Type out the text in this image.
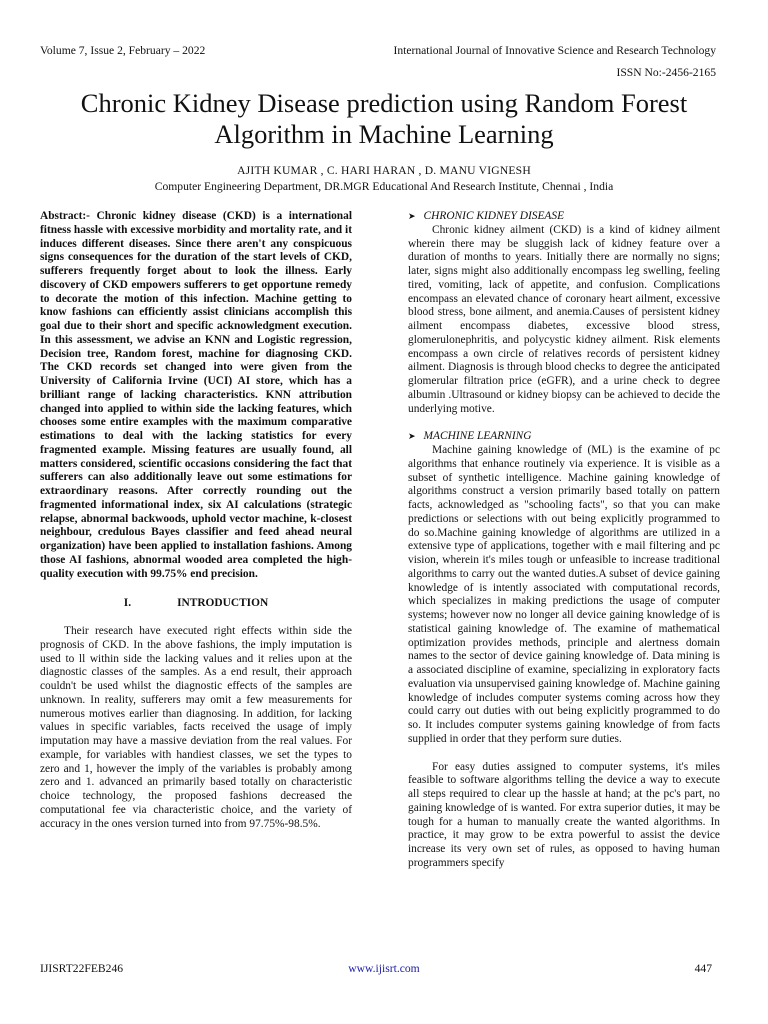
Volume 7, Issue 2, February – 2022	International Journal of Innovative Science and Research Technology
ISSN No:-2456-2165
Chronic Kidney Disease prediction using Random Forest Algorithm in Machine Learning
AJITH KUMAR , C. HARI HARAN , D. MANU VIGNESH
Computer Engineering Department, DR.MGR Educational And Research Institute, Chennai , India

Abstract:- Chronic kidney disease (CKD) is a international fitness hassle with excessive morbidity and mortality rate, and it induces different diseases. Since there aren't any conspicuous signs consequences for the duration of the start levels of CKD, sufferers frequently forget about to look the illness. Early discovery of CKD empowers sufferers to get opportune remedy to decorate the motion of this infection. Machine getting to know fashions can efficiently assist clinicians accomplish this goal due to their short and specific acknowledgment execution. In this assessment, we advise an KNN and Logistic regression, Decision tree, Random forest, machine for diagnosing CKD. The CKD records set changed into were given from the University of California Irvine (UCI) AI store, which has a brilliant range of lacking characteristics. KNN attribution changed into applied to within side the lacking features, which chooses some entire examples with the maximum comparative estimations to deal with the lacking statistics for every fragmented example. Missing features are usually found, all matters considered, scientific occasions considering the fact that sufferers can also additionally leave out some estimations for extraordinary reasons. After correctly rounding out the fragmented informational index, six AI calculations (strategic relapse, abnormal backwoods, uphold vector machine, k-closest neighbour, credulous Bayes classifier and feed ahead neural organization) have been applied to installation fashions. Among those AI fashions, abnormal wooded area completed the high-quality execution with 99.75% end precision.

I.	INTRODUCTION

Their research have executed right effects within side the prognosis of CKD. In the above fashions, the imply imputation is used to ll within side the lacking values and it relies upon at the diagnostic classes of the samples. As a end result, their approach couldn't be used whilst the diagnostic effects of the samples are unknown. In reality, sufferers may omit a few measurements for numerous motives earlier than diagnosing. In addition, for lacking values in specific variables, facts received the usage of imply imputation may have a massive deviation from the real values. For example, for variables with handiest classes, we set the types to zero and 1, however the imply of the variables is probably among zero and 1. advanced an primarily based totally on characteristic choice technology, the proposed fashions decreased the computational fee via characteristic choice, and the variety of accuracy in the ones version turned into from 97.75%-98.5%.

➤ CHRONIC KIDNEY DISEASE

Chronic kidney ailment (CKD) is a kind of kidney ailment wherein there may be sluggish lack of kidney feature over a duration of months to years. Initially there are normally no signs; later, signs might also additionally encompass leg swelling, feeling tired, vomiting, lack of appetite, and confusion. Complications encompass an elevated chance of coronary heart ailment, excessive blood stress, bone ailment, and anemia.Causes of persistent kidney ailment encompass diabetes, excessive blood stress, glomerulonephritis, and polycystic kidney ailment. Risk elements encompass a own circle of relatives records of persistent kidney ailment. Diagnosis is through blood checks to degree the anticipated glomerular filtration price (eGFR), and a urine check to degree albumin .Ultrasound or kidney biopsy can be achieved to decide the underlying motive.

➤ MACHINE LEARNING

Machine gaining knowledge of (ML) is the examine of pc algorithms that enhance routinely via experience. It is visible as a subset of synthetic intelligence. Machine gaining knowledge of algorithms construct a version primarily based totally on pattern facts, acknowledged as "schooling facts", so that you can make predictions or selections with out being explicitly programmed to do so.Machine gaining knowledge of algorithms are utilized in a extensive type of applications, together with e mail filtering and pc vision, wherein it's miles tough or unfeasible to increase traditional algorithms to carry out the wanted duties.A subset of device gaining knowledge of is intently associated with computational records, which specializes in making predictions the usage of computer systems; however now no longer all device gaining knowledge of is statistical gaining knowledge of. The examine of mathematical optimization provides methods, principle and alertness domain names to the sector of device gaining knowledge of. Data mining is a associated discipline of examine, specializing in exploratory facts evaluation via unsupervised gaining knowledge of. Machine gaining knowledge of includes computer systems coming across how they could carry out duties with out being explicitly programmed to do so. It includes computer systems gaining knowledge of from facts supplied in order that they perform sure duties.

For easy duties assigned to computer systems, it's miles feasible to software algorithms telling the device a way to execute all steps required to clear up the hassle at hand; at the pc's part, no gaining knowledge of is wanted. For extra superior duties, it may be tough for a human to manually create the wanted algorithms. In practice, it may grow to be extra powerful to assist the device increase its very own set of rules, as opposed to having human programmers specify

IJISRT22FEB246	www.ijisrt.com	447
